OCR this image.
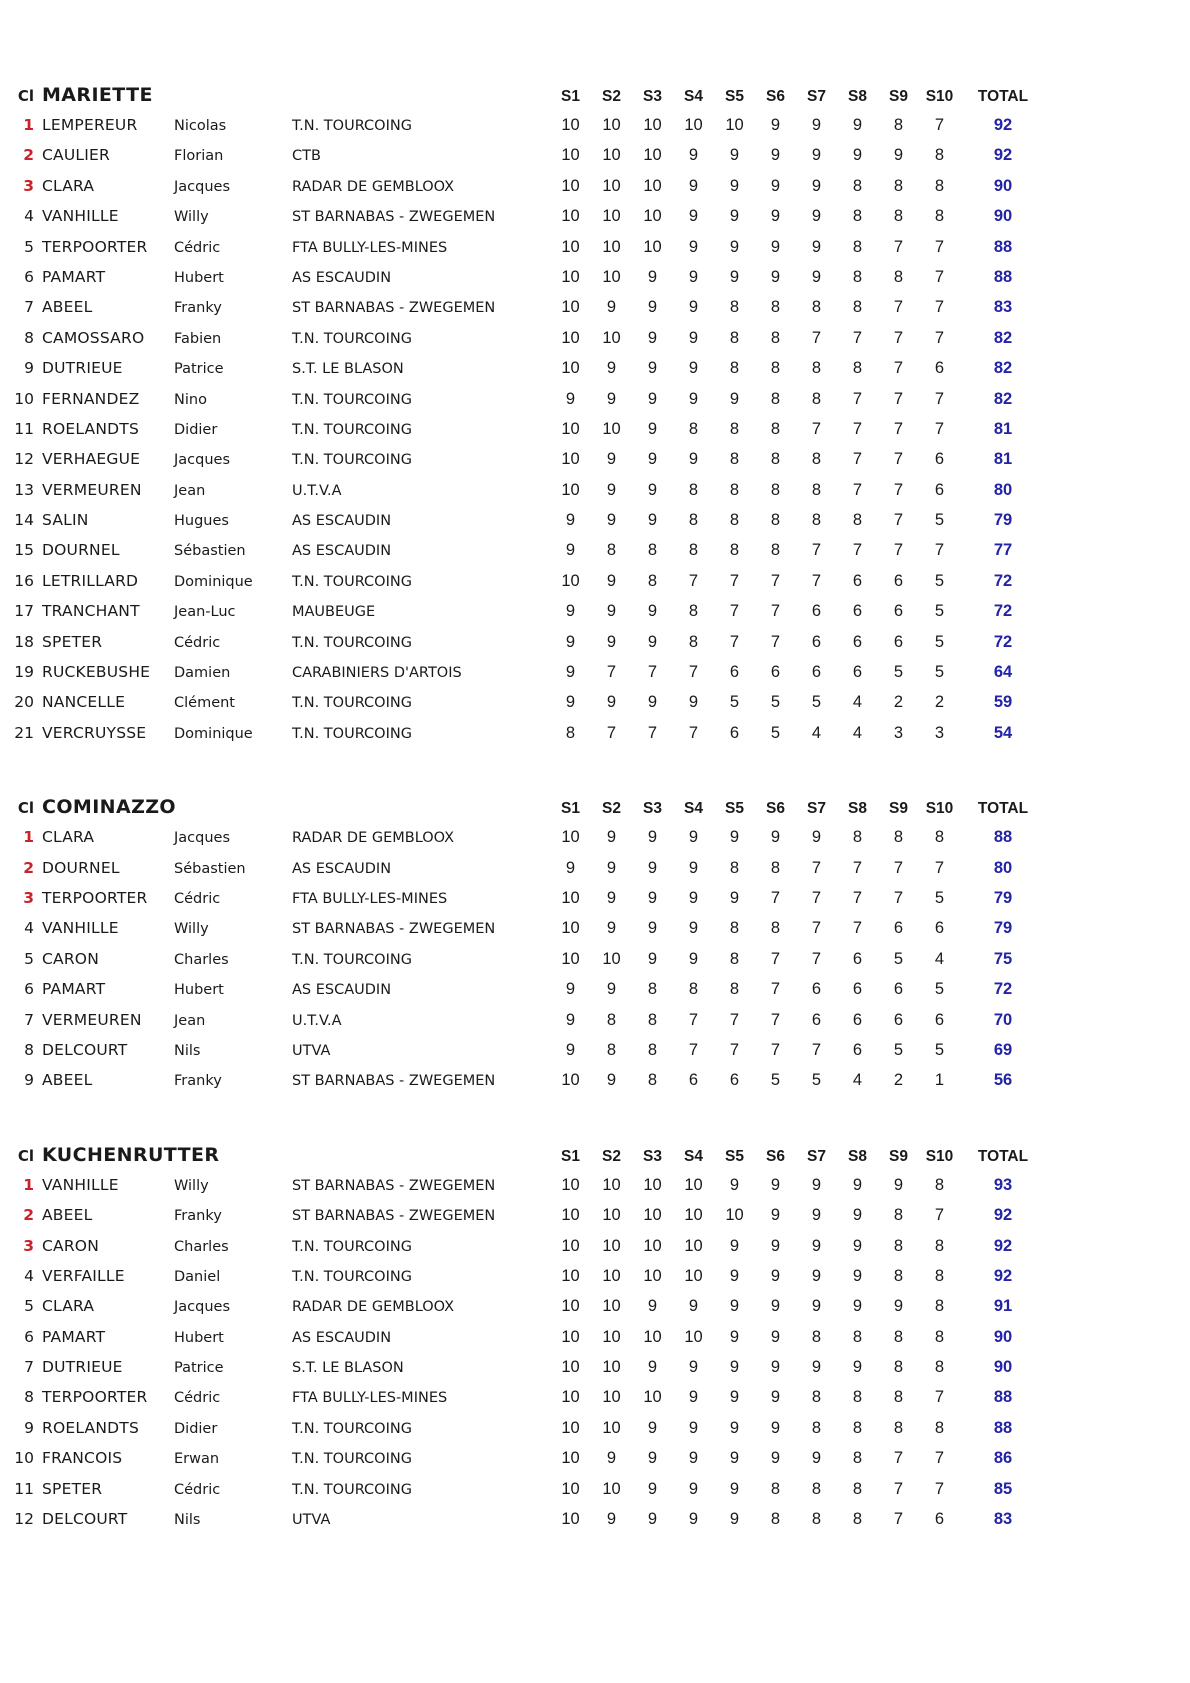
Cl MARIETTE	S1	S2	S3	S4	S5	S6	S7	S8	S9	S10	TOTAL
1 LEMPEREUR	Nicolas	T.N. TOURCOING	10	10	10	10	10	9	9	9	8	7	92
2 CAULIER	Florian	CTB	10	10	10	9	9	9	9	9	9	8	92
3 CLARA	Jacques	RADAR DE GEMBLOOX	10	10	10	9	9	9	9	8	8	8	90
4 VANHILLE	Willy	ST BARNABAS - ZWEGEMEN	10	10	10	9	9	9	9	8	8	8	90
5 TERPOORTER	Cédric	FTA BULLY-LES-MINES	10	10	10	9	9	9	9	8	7	7	88
6 PAMART	Hubert	AS ESCAUDIN	10	10	9	9	9	9	9	8	8	7	88
7 ABEEL	Franky	ST BARNABAS - ZWEGEMEN	10	9	9	9	8	8	8	8	7	7	83
8 CAMOSSARO	Fabien	T.N. TOURCOING	10	10	9	9	8	8	7	7	7	7	82
9 DUTRIEUE	Patrice	S.T. LE BLASON	10	9	9	9	8	8	8	8	7	6	82
10 FERNANDEZ	Nino	T.N. TOURCOING	9	9	9	9	9	8	8	7	7	7	82
11 ROELANDTS	Didier	T.N. TOURCOING	10	10	9	8	8	8	7	7	7	7	81
12 VERHAEGUE	Jacques	T.N. TOURCOING	10	9	9	9	8	8	8	7	7	6	81
13 VERMEUREN	Jean	U.T.V.A	10	9	9	8	8	8	8	7	7	6	80
14 SALIN	Hugues	AS ESCAUDIN	9	9	9	8	8	8	8	8	7	5	79
15 DOURNEL	Sébastien	AS ESCAUDIN	9	8	8	8	8	8	7	7	7	7	77
16 LETRILLARD	Dominique	T.N. TOURCOING	10	9	8	7	7	7	7	6	6	5	72
17 TRANCHANT	Jean-Luc	MAUBEUGE	9	9	9	8	7	7	6	6	6	5	72
18 SPETER	Cédric	T.N. TOURCOING	9	9	9	8	7	7	6	6	6	5	72
19 RUCKEBUSHE	Damien	CARABINIERS D'ARTOIS	9	7	7	7	6	6	6	6	5	5	64
20 NANCELLE	Clément	T.N. TOURCOING	9	9	9	9	5	5	5	4	2	2	59
21 VERCRUYSSE	Dominique	T.N. TOURCOING	8	7	7	7	6	5	4	4	3	3	54
Cl COMINAZZO	S1	S2	S3	S4	S5	S6	S7	S8	S9	S10	TOTAL
1 CLARA	Jacques	RADAR DE GEMBLOOX	10	9	9	9	9	9	9	8	8	8	88
2 DOURNEL	Sébastien	AS ESCAUDIN	9	9	9	9	8	8	7	7	7	7	80
3 TERPOORTER	Cédric	FTA BULLY-LES-MINES	10	9	9	9	9	7	7	7	7	5	79
4 VANHILLE	Willy	ST BARNABAS - ZWEGEMEN	10	9	9	9	8	8	7	7	6	6	79
5 CARON	Charles	T.N. TOURCOING	10	10	9	9	8	7	7	6	5	4	75
6 PAMART	Hubert	AS ESCAUDIN	9	9	8	8	8	7	6	6	6	5	72
7 VERMEUREN	Jean	U.T.V.A	9	8	8	7	7	7	6	6	6	6	70
8 DELCOURT	Nils	UTVA	9	8	8	7	7	7	7	6	5	5	69
9 ABEEL	Franky	ST BARNABAS - ZWEGEMEN	10	9	8	6	6	5	5	4	2	1	56
Cl KUCHENRUTTER	S1	S2	S3	S4	S5	S6	S7	S8	S9	S10	TOTAL
1 VANHILLE	Willy	ST BARNABAS - ZWEGEMEN	10	10	10	10	9	9	9	9	9	8	93
2 ABEEL	Franky	ST BARNABAS - ZWEGEMEN	10	10	10	10	10	9	9	9	8	7	92
3 CARON	Charles	T.N. TOURCOING	10	10	10	10	9	9	9	9	8	8	92
4 VERFAILLE	Daniel	T.N. TOURCOING	10	10	10	10	9	9	9	9	8	8	92
5 CLARA	Jacques	RADAR DE GEMBLOOX	10	10	9	9	9	9	9	9	9	8	91
6 PAMART	Hubert	AS ESCAUDIN	10	10	10	10	9	9	8	8	8	8	90
7 DUTRIEUE	Patrice	S.T. LE BLASON	10	10	9	9	9	9	9	9	8	8	90
8 TERPOORTER	Cédric	FTA BULLY-LES-MINES	10	10	10	9	9	9	8	8	8	7	88
9 ROELANDTS	Didier	T.N. TOURCOING	10	10	9	9	9	9	8	8	8	8	88
10 FRANCOIS	Erwan	T.N. TOURCOING	10	9	9	9	9	9	9	8	7	7	86
11 SPETER	Cédric	T.N. TOURCOING	10	10	9	9	9	8	8	8	7	7	85
12 DELCOURT	Nils	UTVA	10	9	9	9	9	8	8	8	7	6	83
